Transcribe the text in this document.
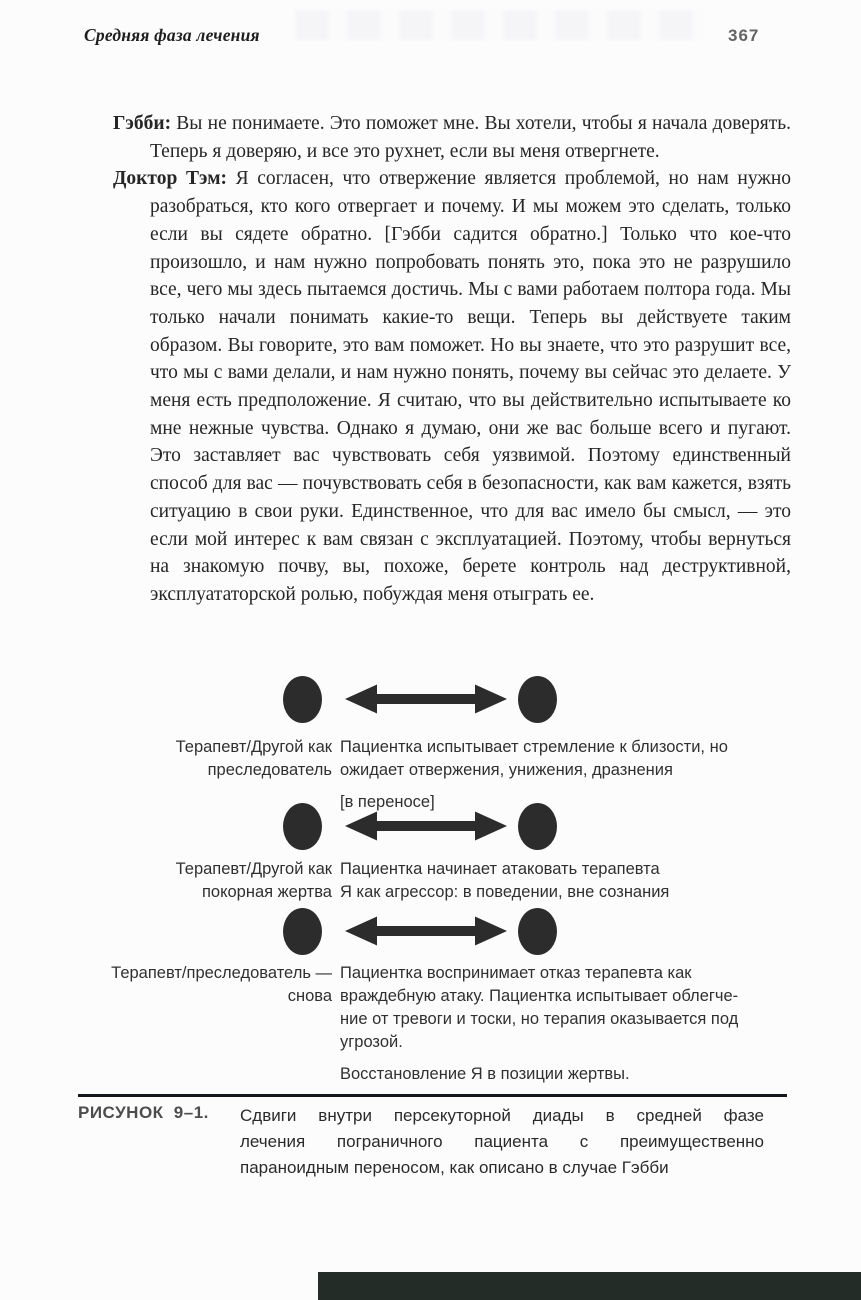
Средняя фаза лечения	367

Гэбби: Вы не понимаете. Это поможет мне. Вы хотели, чтобы я начала доверять. Теперь я доверяю, и все это рухнет, если вы меня отвергнете.

Доктор Тэм: Я согласен, что отвержение является проблемой, но нам нужно разобраться, кто кого отвергает и почему. И мы можем это сделать, только если вы сядете обратно. [Гэбби садится обратно.] Только что кое-что произошло, и нам нужно попробовать понять это, пока это не разрушило все, чего мы здесь пытаемся достичь. Мы с вами работаем полтора года. Мы только начали понимать какие-то вещи. Теперь вы действуете таким образом. Вы говорите, это вам поможет. Но вы знаете, что это разрушит все, что мы с вами делали, и нам нужно понять, почему вы сейчас это делаете. У меня есть предположение. Я считаю, что вы действительно испытываете ко мне нежные чувства. Однако я думаю, они же вас больше всего и пугают. Это заставляет вас чувствовать себя уязвимой. Поэтому единственный способ для вас — почувствовать себя в безопасности, как вам кажется, взять ситуацию в свои руки. Единственное, что для вас имело бы смысл, — это если мой интерес к вам связан с эксплуатацией. Поэтому, чтобы вернуться на знакомую почву, вы, похоже, берете контроль над деструктивной, эксплуататорской ролью, побуждая меня отыграть ее.

Терапевт/Другой как
преследователь
Пациентка испытывает стремление к близости, но
ожидает отвержения, унижения, дразнения
[в переносе]
Терапевт/Другой как
покорная жертва
Пациентка начинает атаковать терапевта
Я как агрессор: в поведении, вне сознания
Терапевт/преследователь —
снова
Пациентка воспринимает отказ терапевта как
враждебную атаку. Пациентка испытывает облегче-
ние от тревоги и тоски, но терапия оказывается под
угрозой.
Восстановление Я в позиции жертвы.
РИСУНОК 9–1. Сдвиги внутри персекуторной диады в средней фазе
лечения пограничного пациента с преимущественно
параноидным переносом, как описано в случае Гэбби
